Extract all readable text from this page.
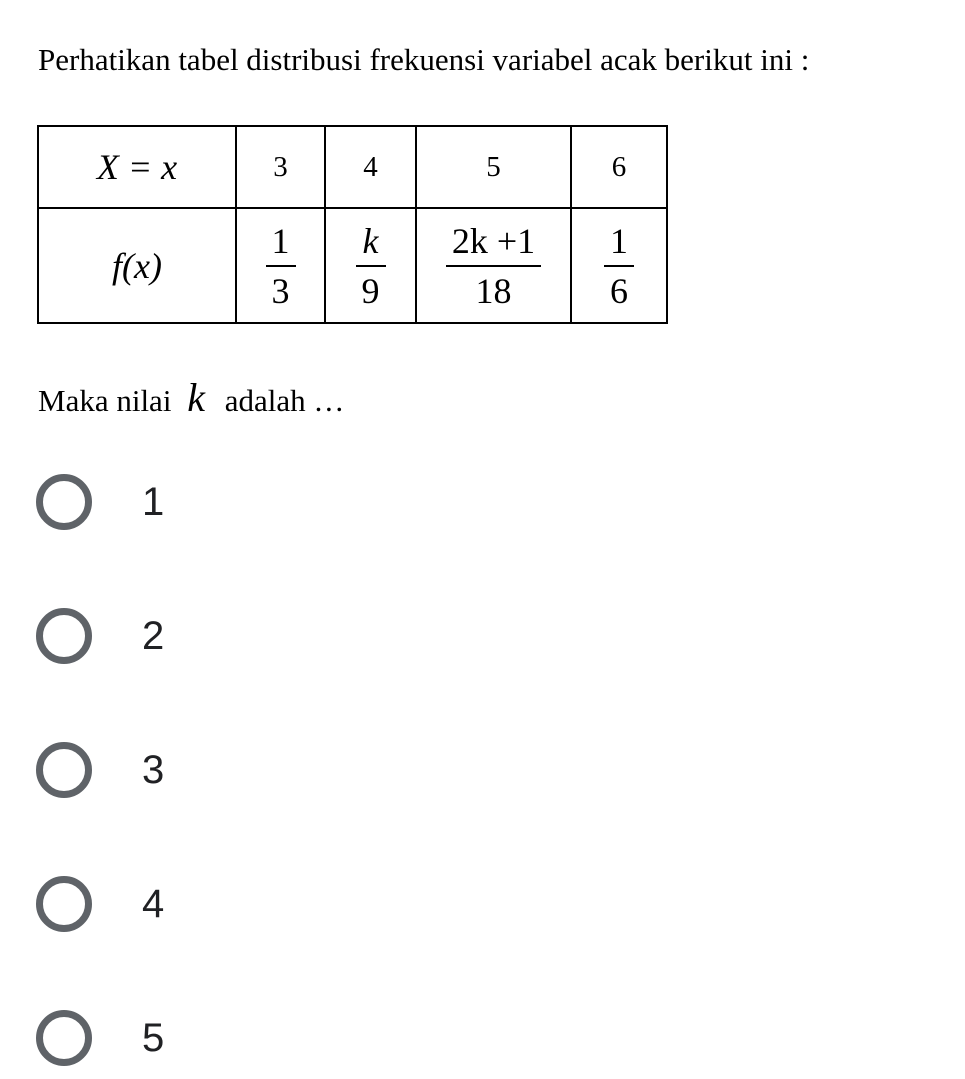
Perhatikan tabel distribusi frekuensi variabel acak berikut ini :
X = x	3	4	5	6
f(x)	$\frac{1}{3}$	$\frac{k}{9}$	$\frac{2k +1}{18}$	$\frac{1}{6}$
Maka nilai k adalah …
1
2
3
4
5
